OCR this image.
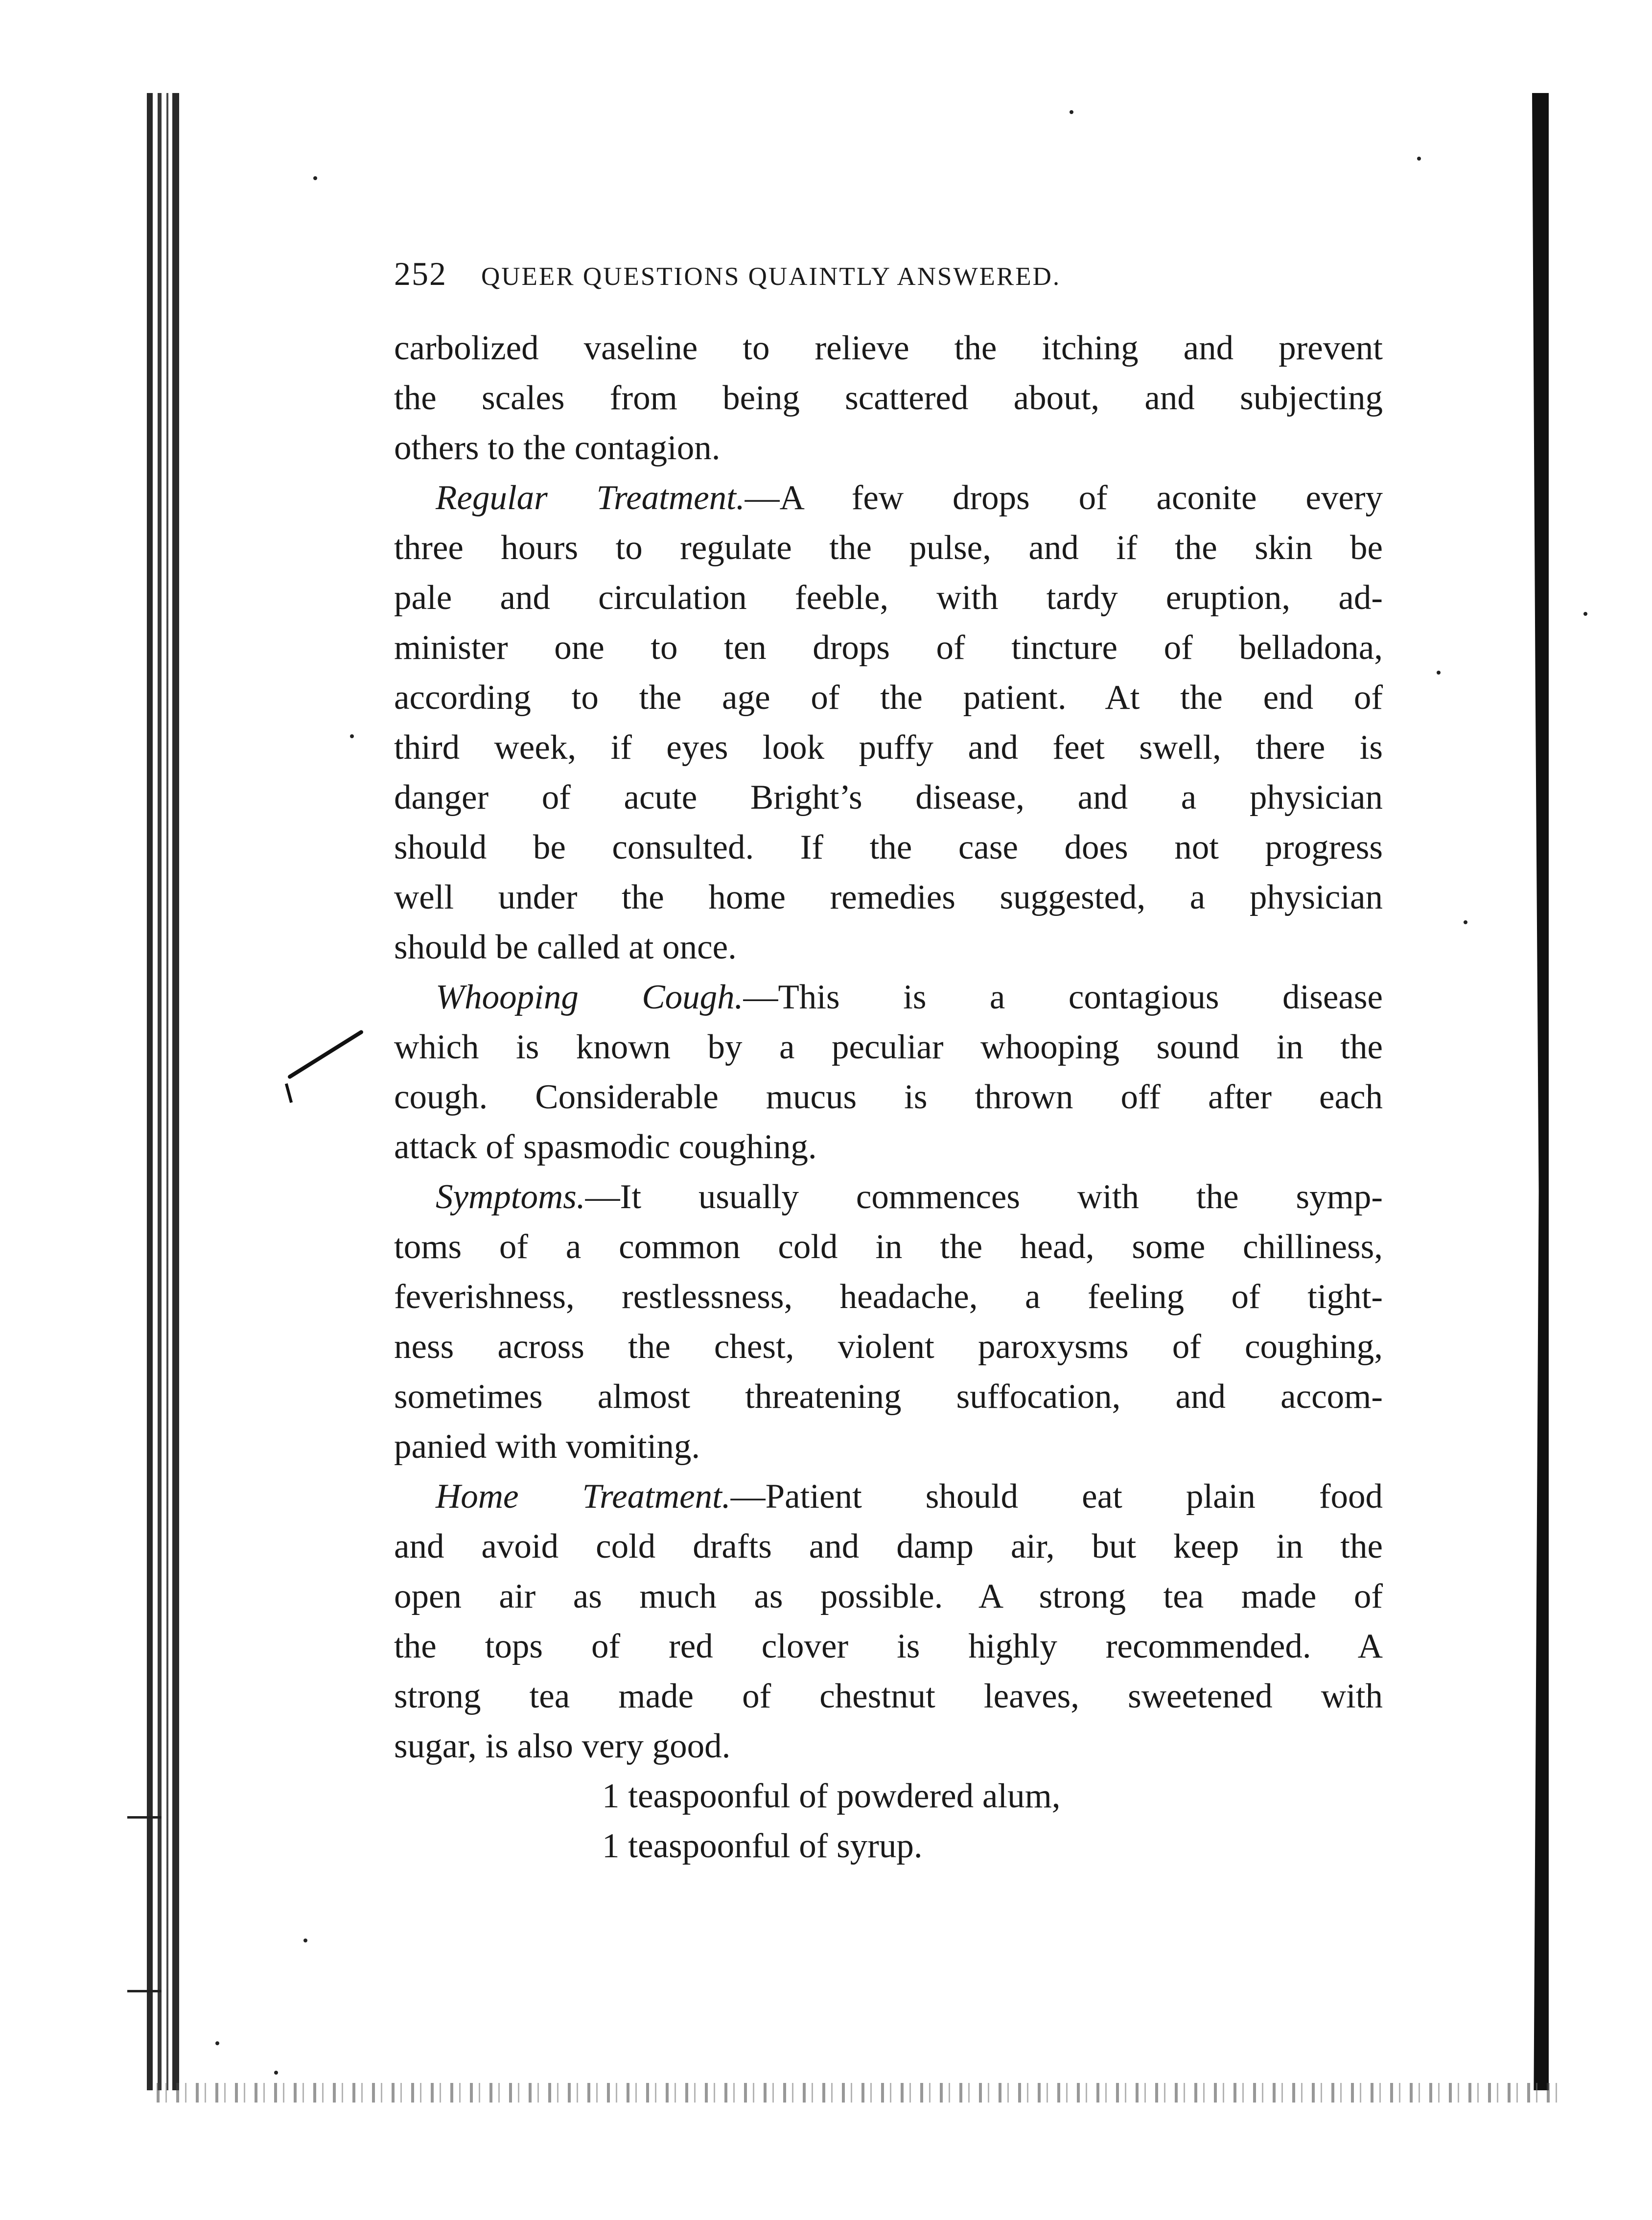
252 QUEER QUESTIONS QUAINTLY ANSWERED.
carbolized vaseline to relieve the itching and prevent
the scales from being scattered about, and subjecting
others to the contagion.
Regular Treatment.—A few drops of aconite every
three hours to regulate the pulse, and if the skin be
pale and circulation feeble, with tardy eruption, ad-
minister one to ten drops of tincture of belladona,
according to the age of the patient. At the end of
third week, if eyes look puffy and feet swell, there is
danger of acute Bright’s disease, and a physician
should be consulted. If the case does not progress
well under the home remedies suggested, a physician
should be called at once.
Whooping Cough.—This is a contagious disease
which is known by a peculiar whooping sound in the
cough. Considerable mucus is thrown off after each
attack of spasmodic coughing.
Symptoms.—It usually commences with the symp-
toms of a common cold in the head, some chilliness,
feverishness, restlessness, headache, a feeling of tight-
ness across the chest, violent paroxysms of coughing,
sometimes almost threatening suffocation, and accom-
panied with vomiting.
Home Treatment.—Patient should eat plain food
and avoid cold drafts and damp air, but keep in the
open air as much as possible. A strong tea made of
the tops of red clover is highly recommended. A
strong tea made of chestnut leaves, sweetened with
sugar, is also very good.
1 teaspoonful of powdered alum,
1 teaspoonful of syrup.
